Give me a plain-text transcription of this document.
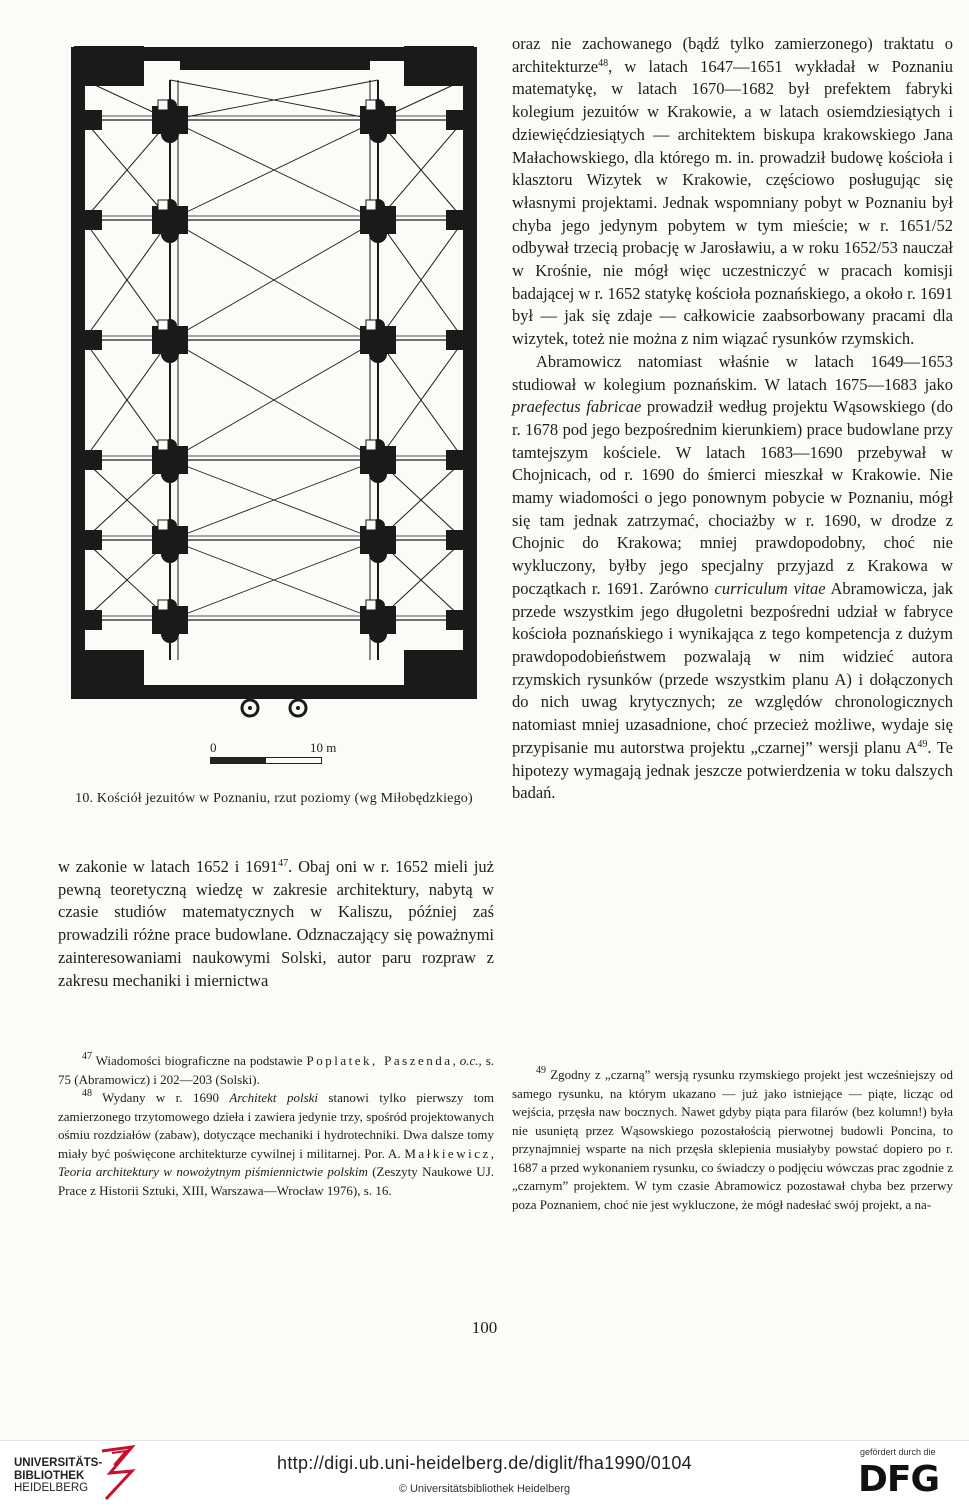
0	10 m
10. Kościół jezuitów w Poznaniu, rzut poziomy (wg Miłobędzkiego)

oraz nie zachowanego (bądź tylko zamierzonego) traktatu o architekturze$^{48}$, w latach 1647—1651 wykładał w Poznaniu matematykę, w latach 1670—1682 był prefektem fabryki kolegium jezuitów w Krakowie, a w latach osiemdziesiątych i dziewięćdziesiątych — architektem biskupa krakowskiego Jana Małachowskiego, dla którego m. in. prowadził budowę kościoła i klasztoru Wizytek w Krakowie, częściowo posługując się własnymi projektami. Jednak wspomniany pobyt w Poznaniu był chyba jego jedynym pobytem w tym mieście; w r. 1651/52 odbywał trzecią probację w Jarosławiu, a w roku 1652/53 nauczał w Krośnie, nie mógł więc uczestniczyć w pracach komisji badającej w r. 1652 statykę kościoła poznańskiego, a około r. 1691 był — jak się zdaje — całkowicie zaabsorbowany pracami dla wizytek, toteż nie można z nim wiązać rysunków rzymskich.

Abramowicz natomiast właśnie w latach 1649—1653 studiował w kolegium poznańskim. W latach 1675—1683 jako praefectus fabricae prowadził według projektu Wąsowskiego (do r. 1678 pod jego bezpośrednim kierunkiem) prace budowlane przy tamtejszym kościele. W latach 1683—1690 przebywał w Chojnicach, od r. 1690 do śmierci mieszkał w Krakowie. Nie mamy wiadomości o jego ponownym pobycie w Poznaniu, mógł się tam jednak zatrzymać, chociażby w r. 1690, w drodze z Chojnic do Krakowa; mniej prawdopodobny, choć nie wykluczony, byłby jego specjalny przyjazd z Krakowa w początkach r. 1691. Zarówno curriculum vitae Abramowicza, jak przede wszystkim jego długoletni bezpośredni udział w fabryce kościoła poznańskiego i wynikająca z tego kompetencja z dużym prawdopodobieństwem pozwalają w nim widzieć autora rzymskich rysunków (przede wszystkim planu A) i dołączonych do nich uwag krytycznych; ze względów chronologicznych natomiast mniej uzasadnione, choć przecież możliwe, wydaje się przypisanie mu autorstwa projektu „czarnej” wersji planu $A^{49}$. Te hipotezy wymagają jednak jeszcze potwierdzenia w toku dalszych badań.

w zakonie w latach 1652 i 1691$^{47}$. Obaj oni w r. 1652 mieli już pewną teoretyczną wiedzę w zakresie architektury, nabytą w czasie studiów matematycznych w Kaliszu, później zaś prowadzili różne prace budowlane. Odznaczający się poważnymi zainteresowaniami naukowymi Solski, autor paru rozpraw z zakresu mechaniki i miernictwa

$^{47}$ Wiadomości biograficzne na podstawie Poplatek, Paszenda, o.c., s. 75 (Abramowicz) i 202—203 (Solski).

$^{48}$ Wydany w r. 1690 Architekt polski stanowi tylko pierwszy tom zamierzonego trzytomowego dzieła i zawiera jedynie trzy, spośród projektowanych ośmiu rozdziałów (zabaw), dotyczące mechaniki i hydrotechniki. Dwa dalsze tomy miały być poświęcone architekturze cywilnej i militarnej. Por. A. Małkiewicz, Teoria architektury w nowożytnym piśmiennictwie polskim (Zeszyty Naukowe UJ. Prace z Historii Sztuki, XIII, Warszawa—Wrocław 1976), s. 16.

$^{49}$ Zgodny z „czarną” wersją rysunku rzymskiego projekt jest wcześniejszy od samego rysunku, na którym ukazano — już jako istniejące — piąte, licząc od wejścia, przęsła naw bocznych. Nawet gdyby piąta para filarów (bez kolumn!) była nie usuniętą przez Wąsowskiego pozostałością pierwotnej budowli Poncina, to przynajmniej wsparte na nich przęsła sklepienia musiałyby powstać dopiero po r. 1687 a przed wykonaniem rysunku, co świadczy o podjęciu wówczas prac zgodnie z „czarnym” projektem. W tym czasie Abramowicz pozostawał chyba bez przerwy poza Poznaniem, choć nie jest wykluczone, że mógł nadesłać swój projekt, a na-

100
UNIVERSITÄTS-
BIBLIOTHEK
HEIDELBERG
http://digi.ub.uni-heidelberg.de/diglit/fha1990/0104
© Universitätsbibliothek Heidelberg
gefördert durch die
DFG
